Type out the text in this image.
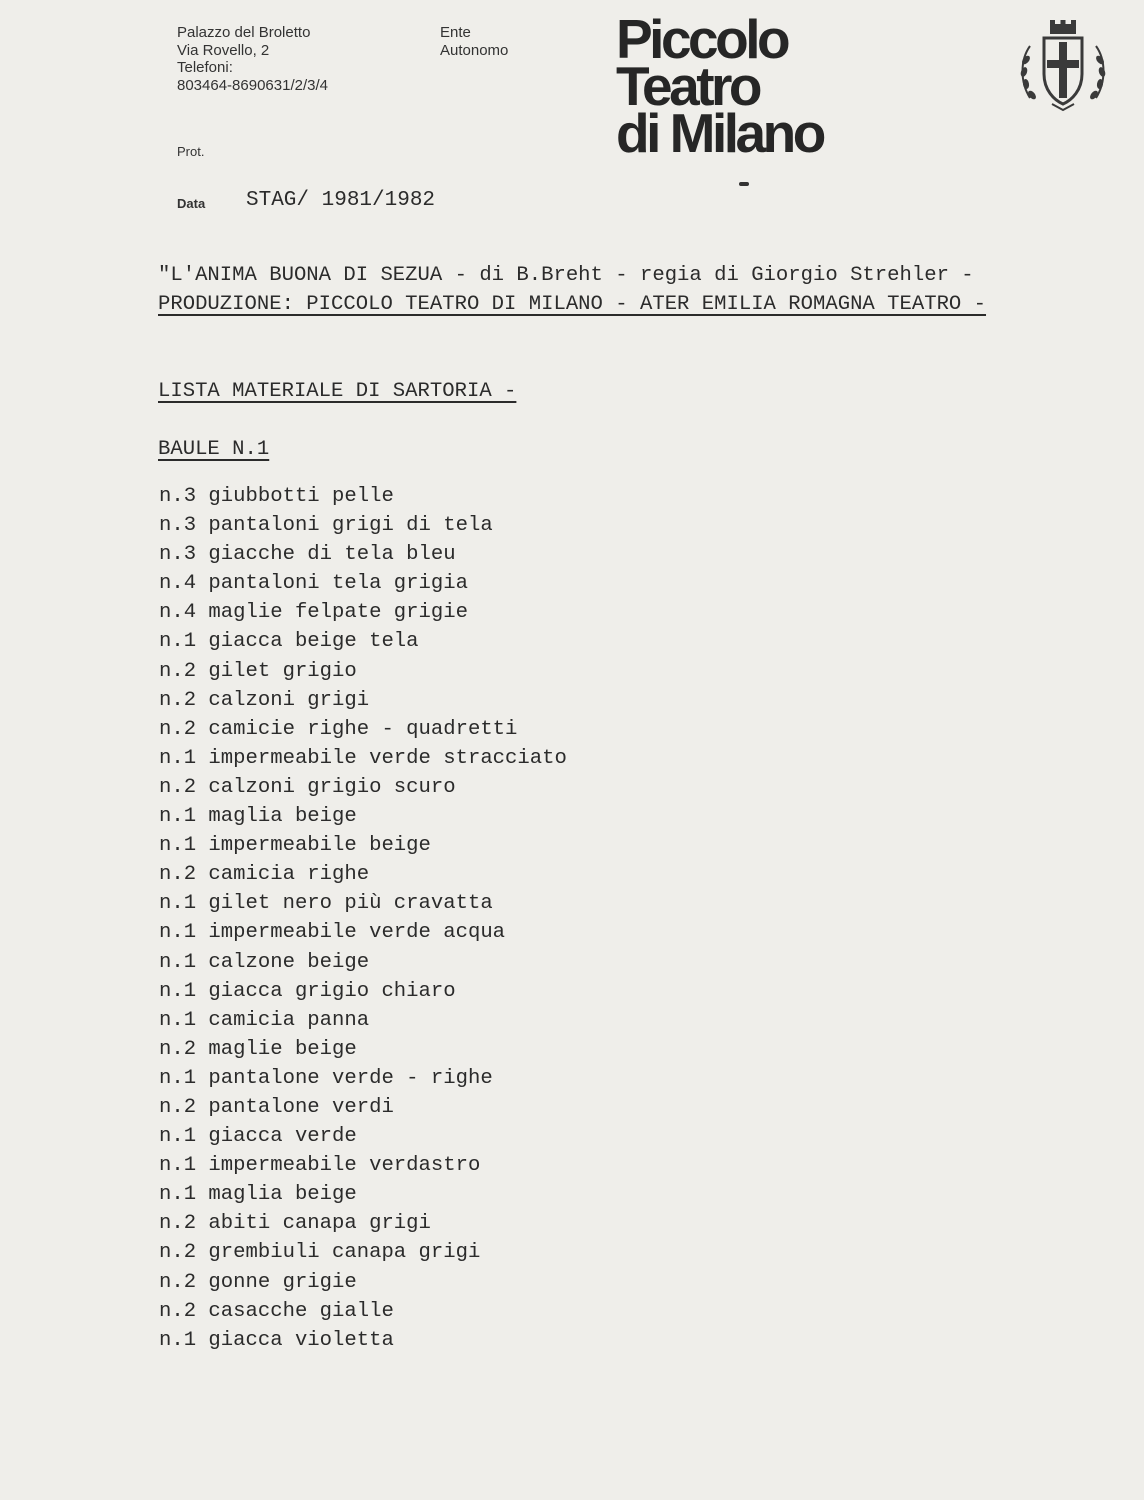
Palazzo del Broletto
Via Rovello, 2
Telefoni:
803464-8690631/2/3/4
Ente
Autonomo Piccolo
Teatro
di Milano
Prot.
Data STAG/ 1981/1982
"L'ANIMA BUONA DI SEZUA - di B.Breht - regia di Giorgio Strehler -
PRODUZIONE: PICCOLO TEATRO DI MILANO - ATER EMILIA ROMAGNA TEATRO -
LISTA MATERIALE DI SARTORIA -
BAULE N.1
n.3 giubbotti pelle
n.3 pantaloni grigi di tela
n.3 giacche di tela bleu
n.4 pantaloni tela grigia
n.4 maglie felpate grigie
n.1 giacca beige tela
n.2 gilet grigio
n.2 calzoni grigi
n.2 camicie righe - quadretti
n.1 impermeabile verde stracciato
n.2 calzoni grigio scuro
n.1 maglia beige
n.1 impermeabile beige
n.2 camicia righe
n.1 gilet nero più cravatta
n.1 impermeabile verde acqua
n.1 calzone beige
n.1 giacca grigio chiaro
n.1 camicia panna
n.2 maglie beige
n.1 pantalone verde - righe
n.2 pantalone verdi
n.1 giacca verde
n.1 impermeabile verdastro
n.1 maglia beige
n.2 abiti canapa grigi
n.2 grembiuli canapa grigi
n.2 gonne grigie
n.2 casacche gialle
n.1 giacca violetta
